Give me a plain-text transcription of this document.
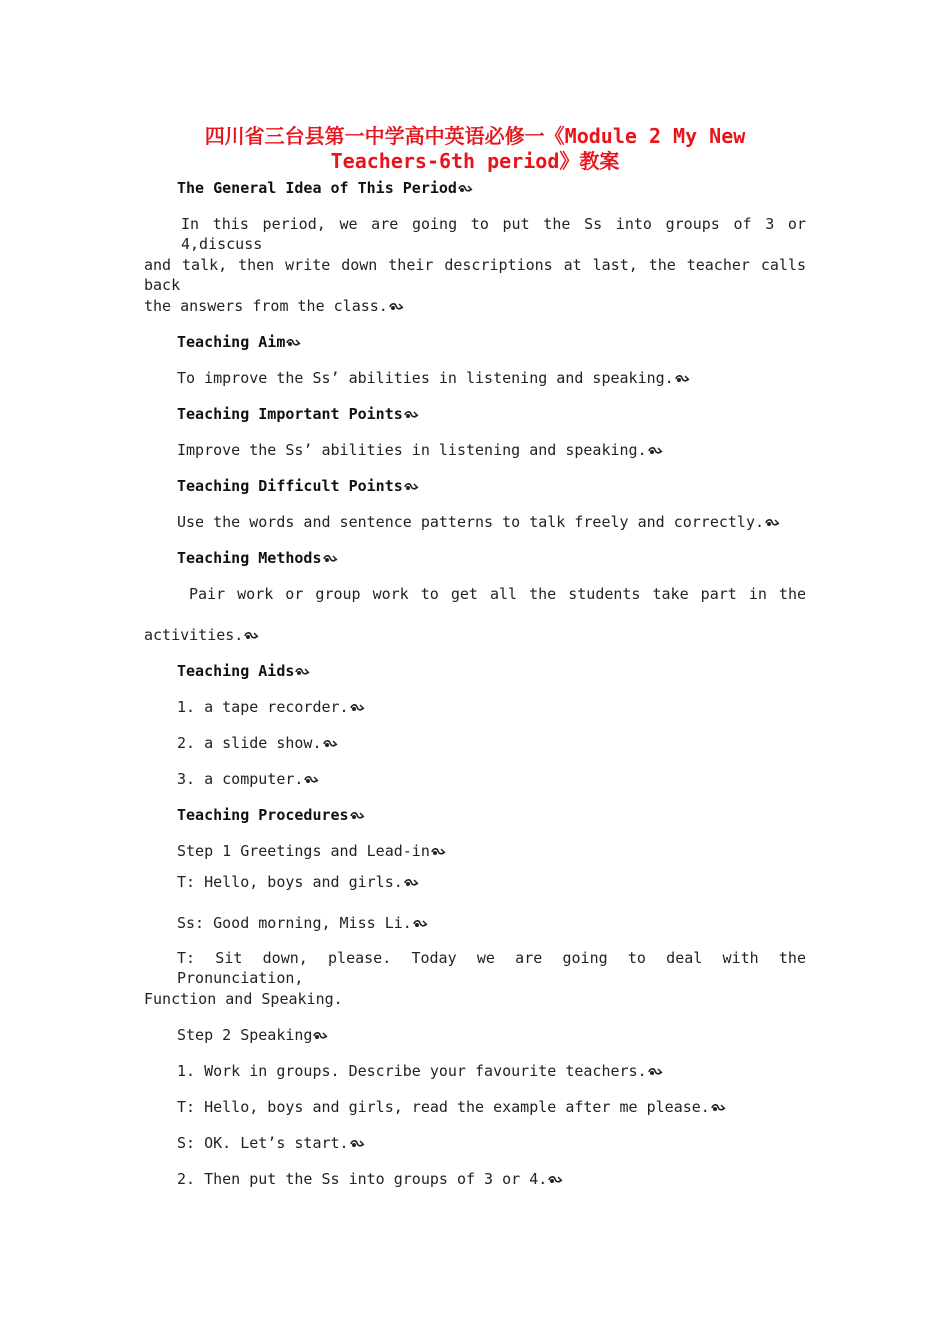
四川省三台县第一中学高中英语必修一《Module 2 My New
Teachers-6th period》教案
The General Idea of This Period
In this period, we are going to put the Ss into groups of 3 or 4,discuss
and talk, then write down their descriptions at last, the teacher calls back
the answers from the class.
Teaching Aim
To improve the Ss’ abilities in listening and speaking.
Teaching Important Points
Improve the Ss’ abilities in listening and speaking.
Teaching Difficult Points
Use the words and sentence patterns to talk freely and correctly.
Teaching Methods
Pair work or group work to get all the students take part in the
activities.
Teaching Aids
1. a tape recorder.
2. a slide show.
3. a computer.
Teaching Procedures
Step 1 Greetings and Lead-in
T: Hello, boys and girls.
Ss: Good morning, Miss Li.
T: Sit down, please. Today we are going to deal with the Pronunciation,
Function and Speaking.
Step 2 Speaking
1. Work in groups. Describe your favourite teachers.
T: Hello, boys and girls, read the example after me please.
S: OK. Let’s start.
2. Then put the Ss into groups of 3 or 4.
